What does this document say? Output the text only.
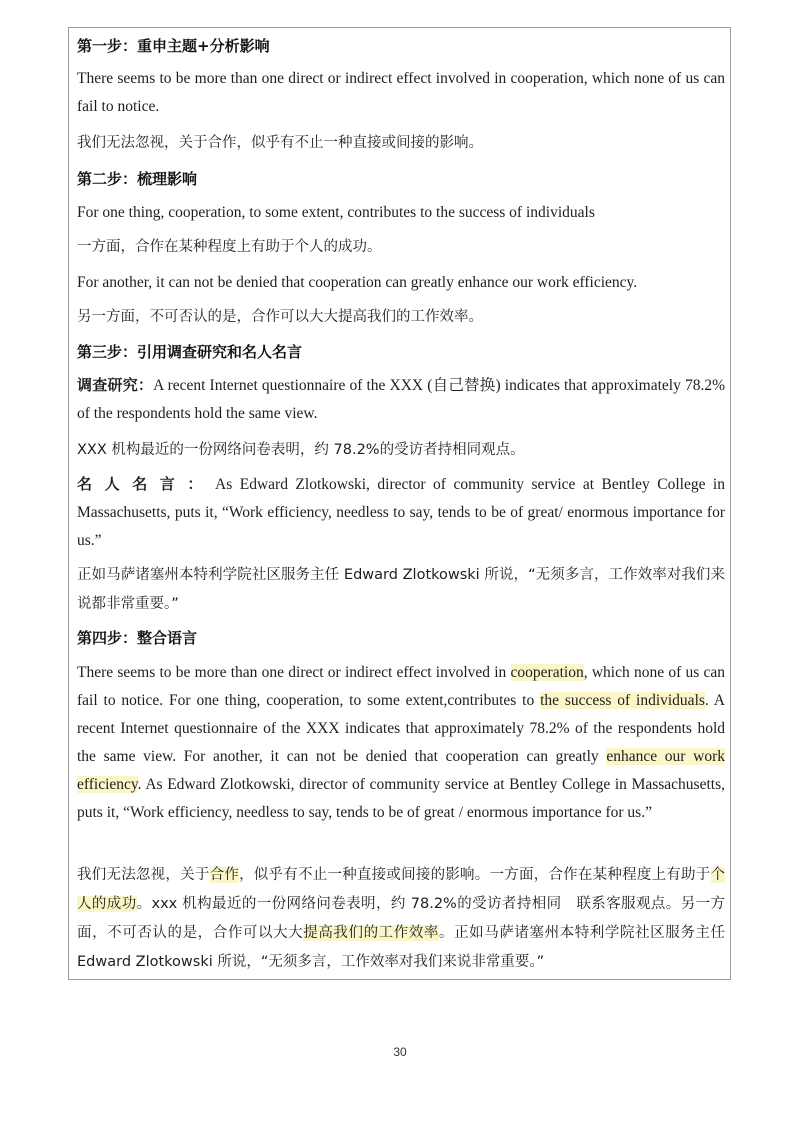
第一步：重申主题+分析影响

There seems to be more than one direct or indirect effect involved in cooperation, which none of us can fail to notice.

我们无法忽视，关于合作，似乎有不止一种直接或间接的影响。
第二步：梳理影响
For one thing, cooperation, to some extent, contributes to the success of individuals
一方面，合作在某种程度上有助于个人的成功。
For another, it can not be denied that cooperation can greatly enhance our work efficiency.
另一方面，不可否认的是，合作可以大大提高我们的工作效率。
第三步：引用调查研究和名人名言

调查研究：A recent Internet questionnaire of the XXX (自己替换) indicates that approximately 78.2% of the respondents hold the same view.

XXX 机构最近的一份网络问卷表明，约 78.2%的受访者持相同观点。

名人名言：As Edward Zlotkowski, director of community service at Bentley College in Massachusetts, puts it, “Work efficiency, needless to say, tends to be of great/ enormous importance for us.”

正如马萨诸塞州本特利学院社区服务主任 Edward Zlotkowski 所说，“无须多言，工作效率对我们来说都非常重要。”

第四步：整合语言

There seems to be more than one direct or indirect effect involved in cooperation, which none of us can fail to notice. For one thing, cooperation, to some extent,contributes to the success of individuals. A recent Internet questionnaire of the XXX indicates that approximately 78.2% of the respondents hold the same view. For another, it can not be denied that cooperation can greatly enhance our work efficiency. As Edward Zlotkowski, director of community service at Bentley College in Massachusetts, puts it, “Work efficiency, needless to say, tends to be of great / enormous importance for us.”

我们无法忽视，关于合作，似乎有不止一种直接或间接的影响。一方面，合作在某种程度上有助于个人的成功。xxx 机构最近的一份网络问卷表明，约 78.2%的受访者持相同　联系客服观点。另一方面，不可否认的是，合作可以大大提高我们的工作效率。正如马萨诸塞州本特利学院社区服务主任 Edward Zlotkowski 所说，“无须多言，工作效率对我们来说非常重要。”

30
